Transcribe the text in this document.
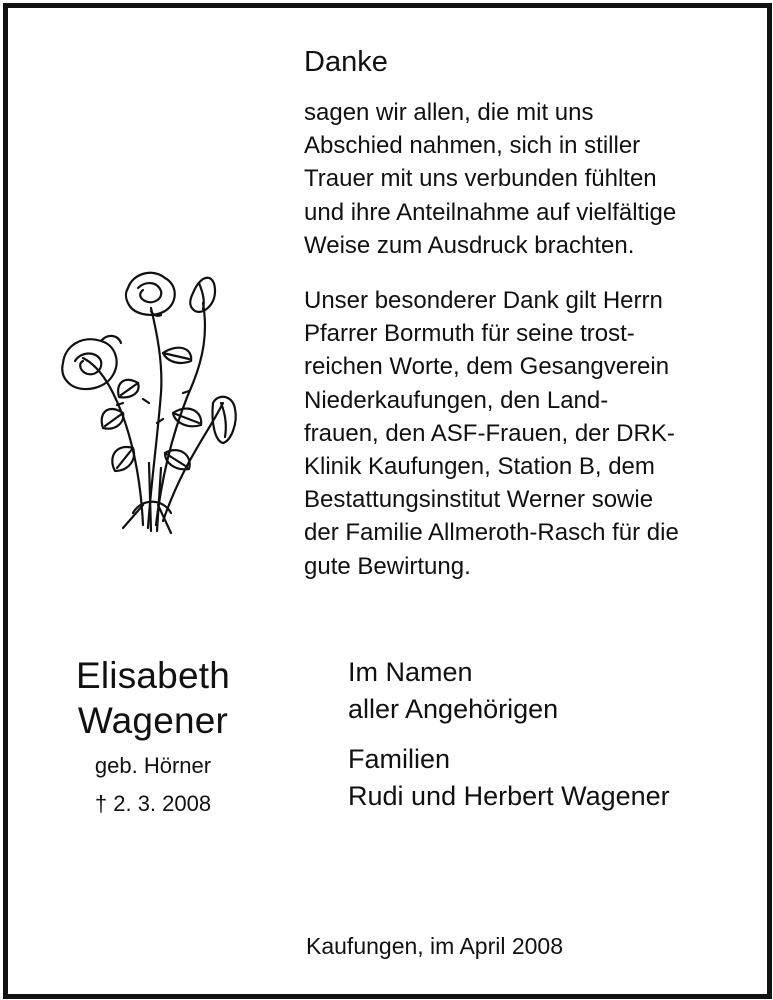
Danke

sagen wir allen, die mit uns
Abschied nahmen, sich in stiller
Trauer mit uns verbunden fühlten
und ihre Anteilnahme auf vielfältige
Weise zum Ausdruck brachten.

Unser besonderer Dank gilt Herrn
Pfarrer Bormuth für seine trost-
reichen Worte, dem Gesangverein
Niederkaufungen, den Land-
frauen, den ASF-Frauen, der DRK-
Klinik Kaufungen, Station B, dem
Bestattungsinstitut Werner sowie
der Familie Allmeroth-Rasch für die
gute Bewirtung.

Elisabeth
Wagener
geb. Hörner
† 2. 3. 2008
Im Namen
aller Angehörigen
Familien
Rudi und Herbert Wagener

Kaufungen, im April 2008
